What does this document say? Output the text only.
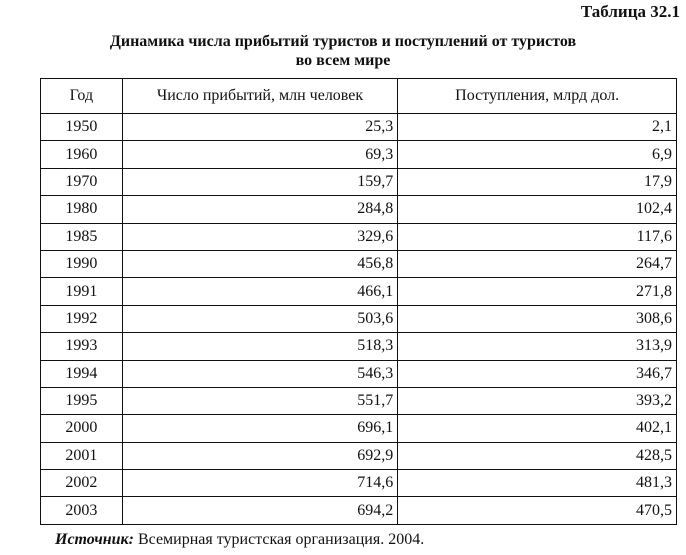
Таблица 32.1
Динамика числа прибытий туристов и поступлений от туристов
во всем мире
Год	Число прибытий, млн человек	Поступления, млрд дол.
1950	25,3	2,1
1960	69,3	6,9
1970	159,7	17,9
1980	284,8	102,4
1985	329,6	117,6
1990	456,8	264,7
1991	466,1	271,8
1992	503,6	308,6
1993	518,3	313,9
1994	546,3	346,7
1995	551,7	393,2
2000	696,1	402,1
2001	692,9	428,5
2002	714,6	481,3
2003	694,2	470,5
Источник: Всемирная туристская организация. 2004.
